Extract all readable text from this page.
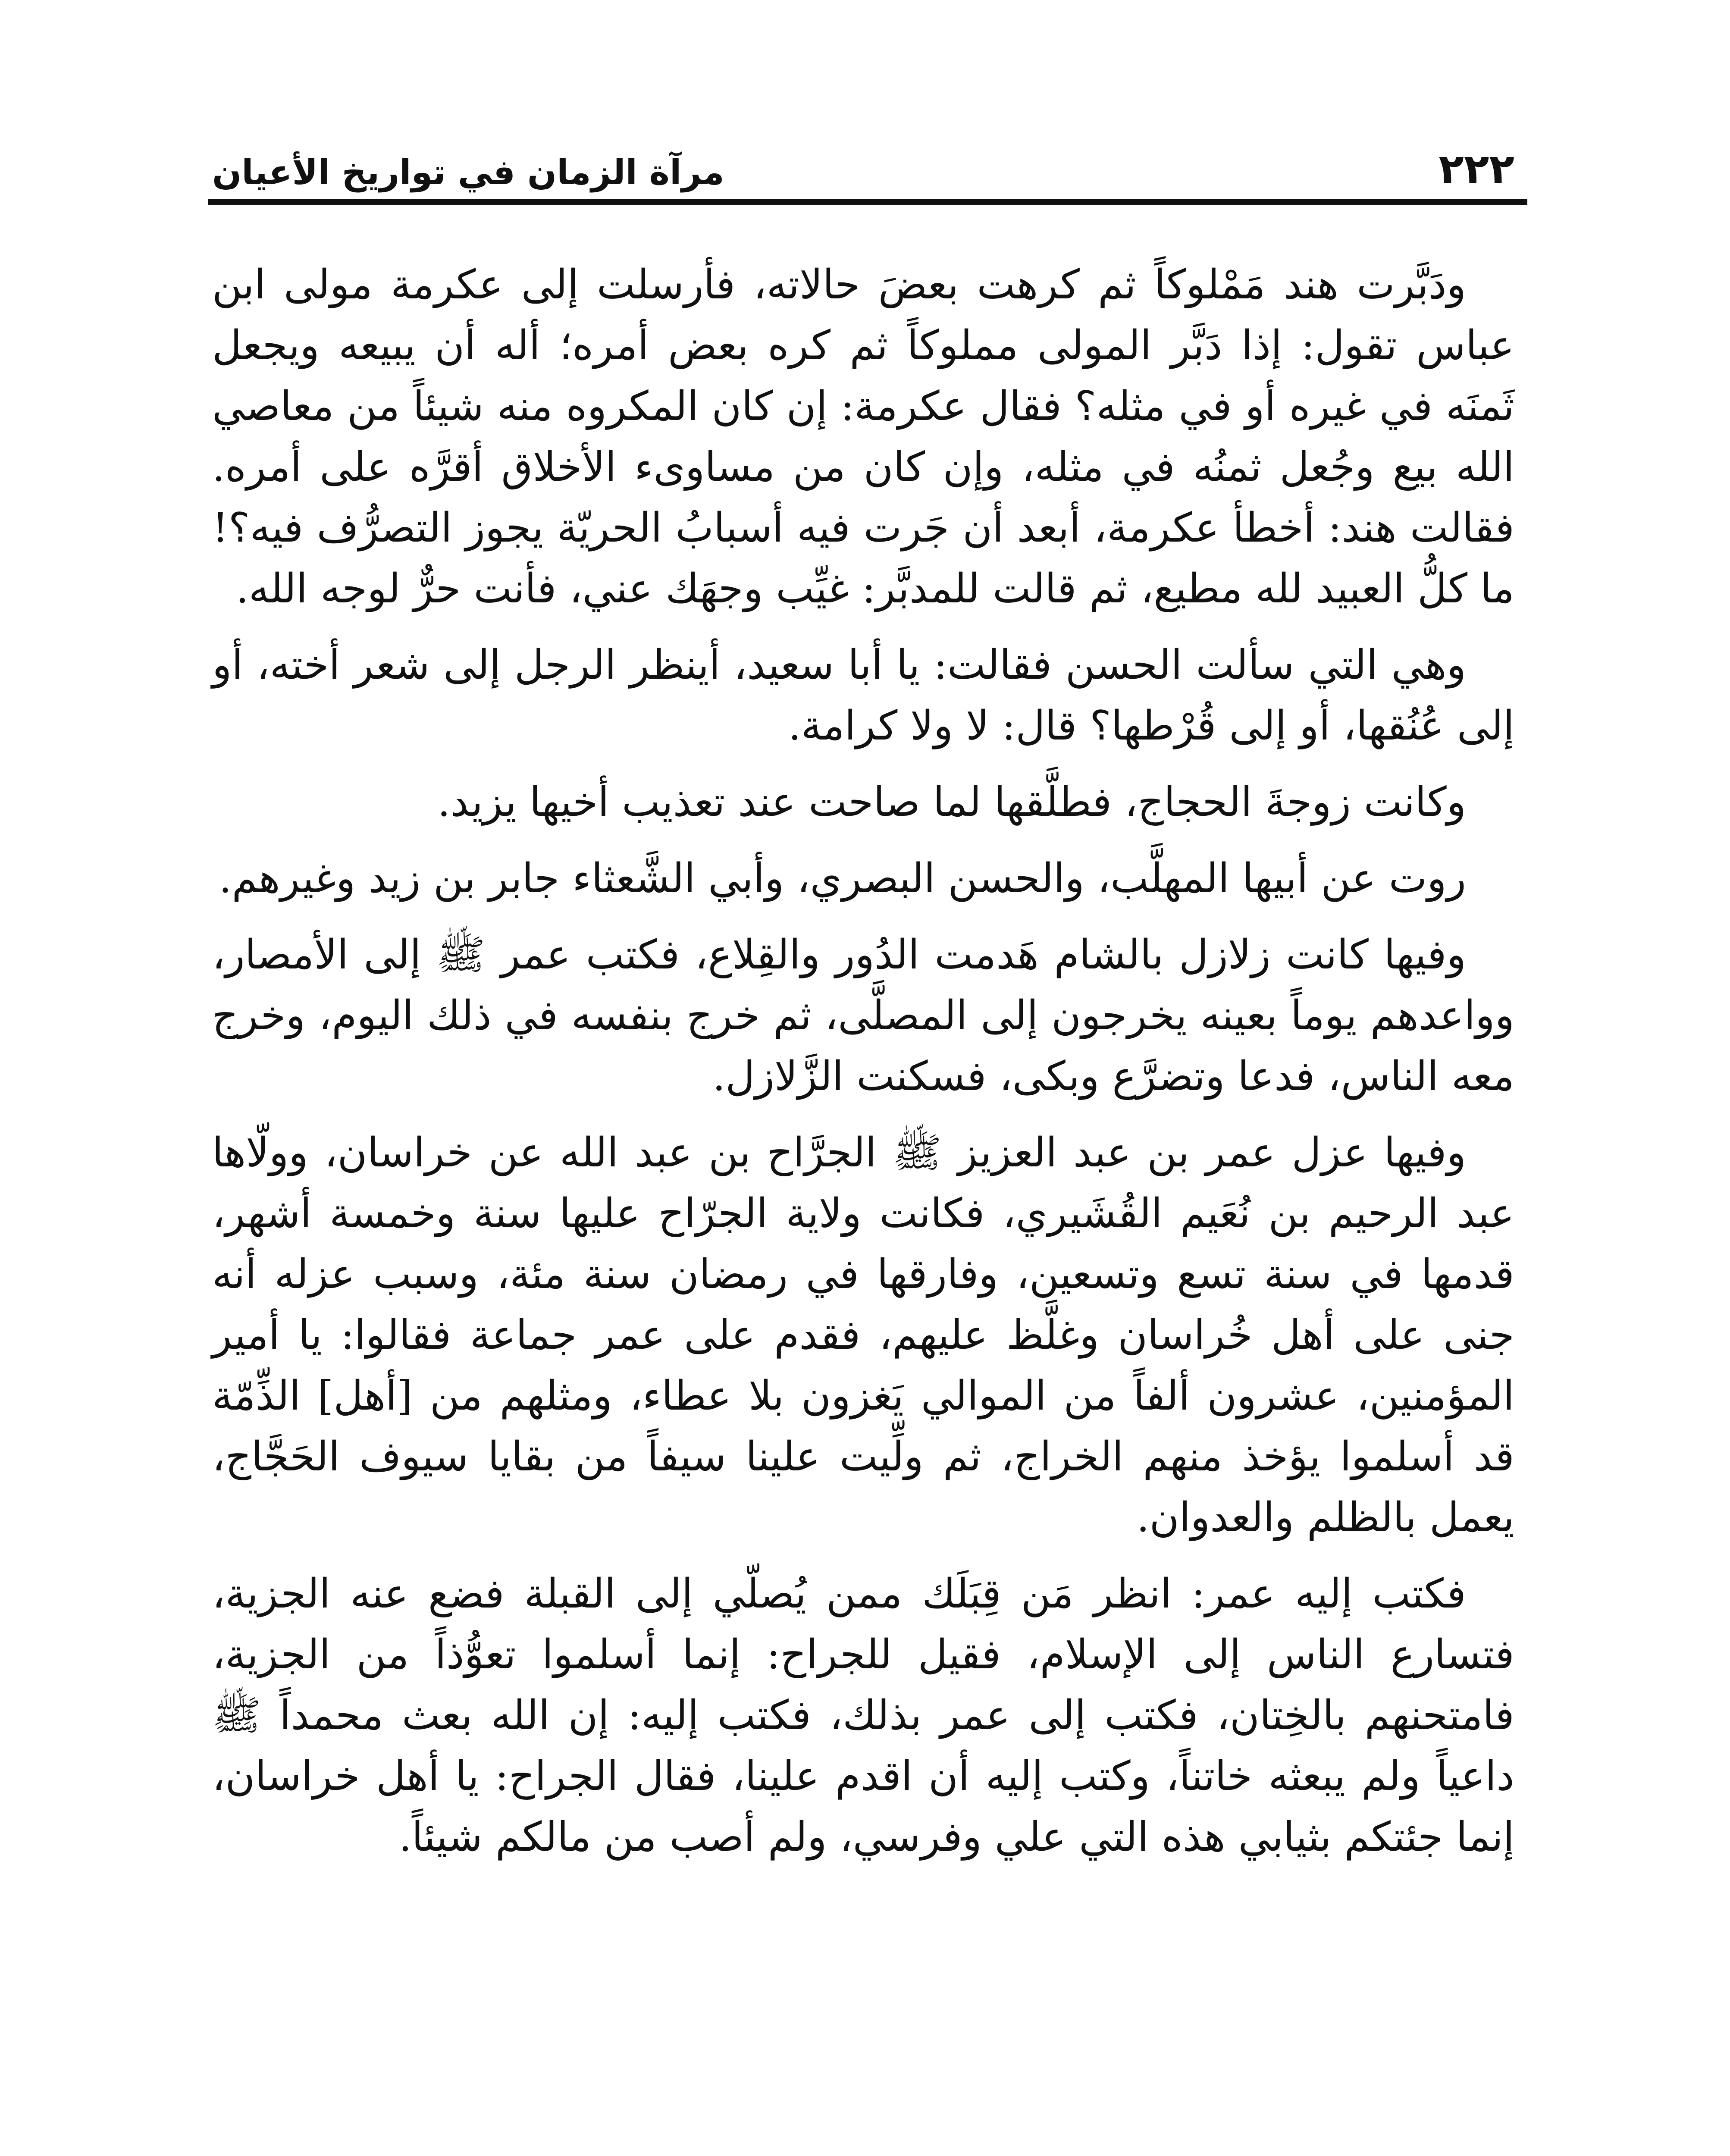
٢٢٢
مرآة الزمان في تواريخ الأعيان

ودَبَّرت هند مَمْلوكاً ثم كرهت بعضَ حالاته، فأرسلت إلى عكرمة مولى ابن عباس تقول: إذا دَبَّر المولى مملوكاً ثم كره بعض أمره؛ أله أن يبيعه ويجعل ثَمنَه في غيره أو في مثله؟ فقال عكرمة: إن كان المكروه منه شيئاً من معاصي الله بيع وجُعل ثمنُه في مثله، وإن كان من مساوىء الأخلاق أقرَّه على أمره. فقالت هند: أخطأ عكرمة، أبعد أن جَرت فيه أسبابُ الحريّة يجوز التصرُّف فيه؟! ما كلُّ العبيد لله مطيع، ثم قالت للمدبَّر: غيِّب وجهَك عني، فأنت حرٌّ لوجه الله.

وهي التي سألت الحسن فقالت: يا أبا سعيد، أينظر الرجل إلى شعر أخته، أو إلى عُنُقها، أو إلى قُرْطها؟ قال: لا ولا كرامة.

وكانت زوجةَ الحجاج، فطلَّقها لما صاحت عند تعذيب أخيها يزيد.

روت عن أبيها المهلَّب، والحسن البصري، وأبي الشَّعثاء جابر بن زيد وغيرهم.

وفيها كانت زلازل بالشام هَدمت الدُور والقِلاع، فكتب عمر ﷺ إلى الأمصار، وواعدهم يوماً بعينه يخرجون إلى المصلَّى، ثم خرج بنفسه في ذلك اليوم، وخرج معه الناس، فدعا وتضرَّع وبكى، فسكنت الزَّلازل.

وفيها عزل عمر بن عبد العزيز ﷺ الجرَّاح بن عبد الله عن خراسان، وولّاها عبد الرحيم بن نُعَيم القُشَيري، فكانت ولاية الجرّاح عليها سنة وخمسة أشهر، قدمها في سنة تسع وتسعين، وفارقها في رمضان سنة مئة، وسبب عزله أنه جنى على أهل خُراسان وغلَّظ عليهم، فقدم على عمر جماعة فقالوا: يا أمير المؤمنين، عشرون ألفاً من الموالي يَغزون بلا عطاء، ومثلهم من [أهل] الذِّمّة قد أسلموا يؤخذ منهم الخراج، ثم ولِّيت علينا سيفاً من بقايا سيوف الحَجَّاج، يعمل بالظلم والعدوان.

فكتب إليه عمر: انظر مَن قِبَلَك ممن يُصلّي إلى القبلة فضع عنه الجزية، فتسارع الناس إلى الإسلام، فقيل للجراح: إنما أسلموا تعوُّذاً من الجزية، فامتحنهم بالخِتان، فكتب إلى عمر بذلك، فكتب إليه: إن الله بعث محمداً ﷺ داعياً ولم يبعثه خاتناً، وكتب إليه أن اقدم علينا، فقال الجراح: يا أهل خراسان، إنما جئتكم بثيابي هذه التي علي وفرسي، ولم أصب من مالكم شيئاً.
